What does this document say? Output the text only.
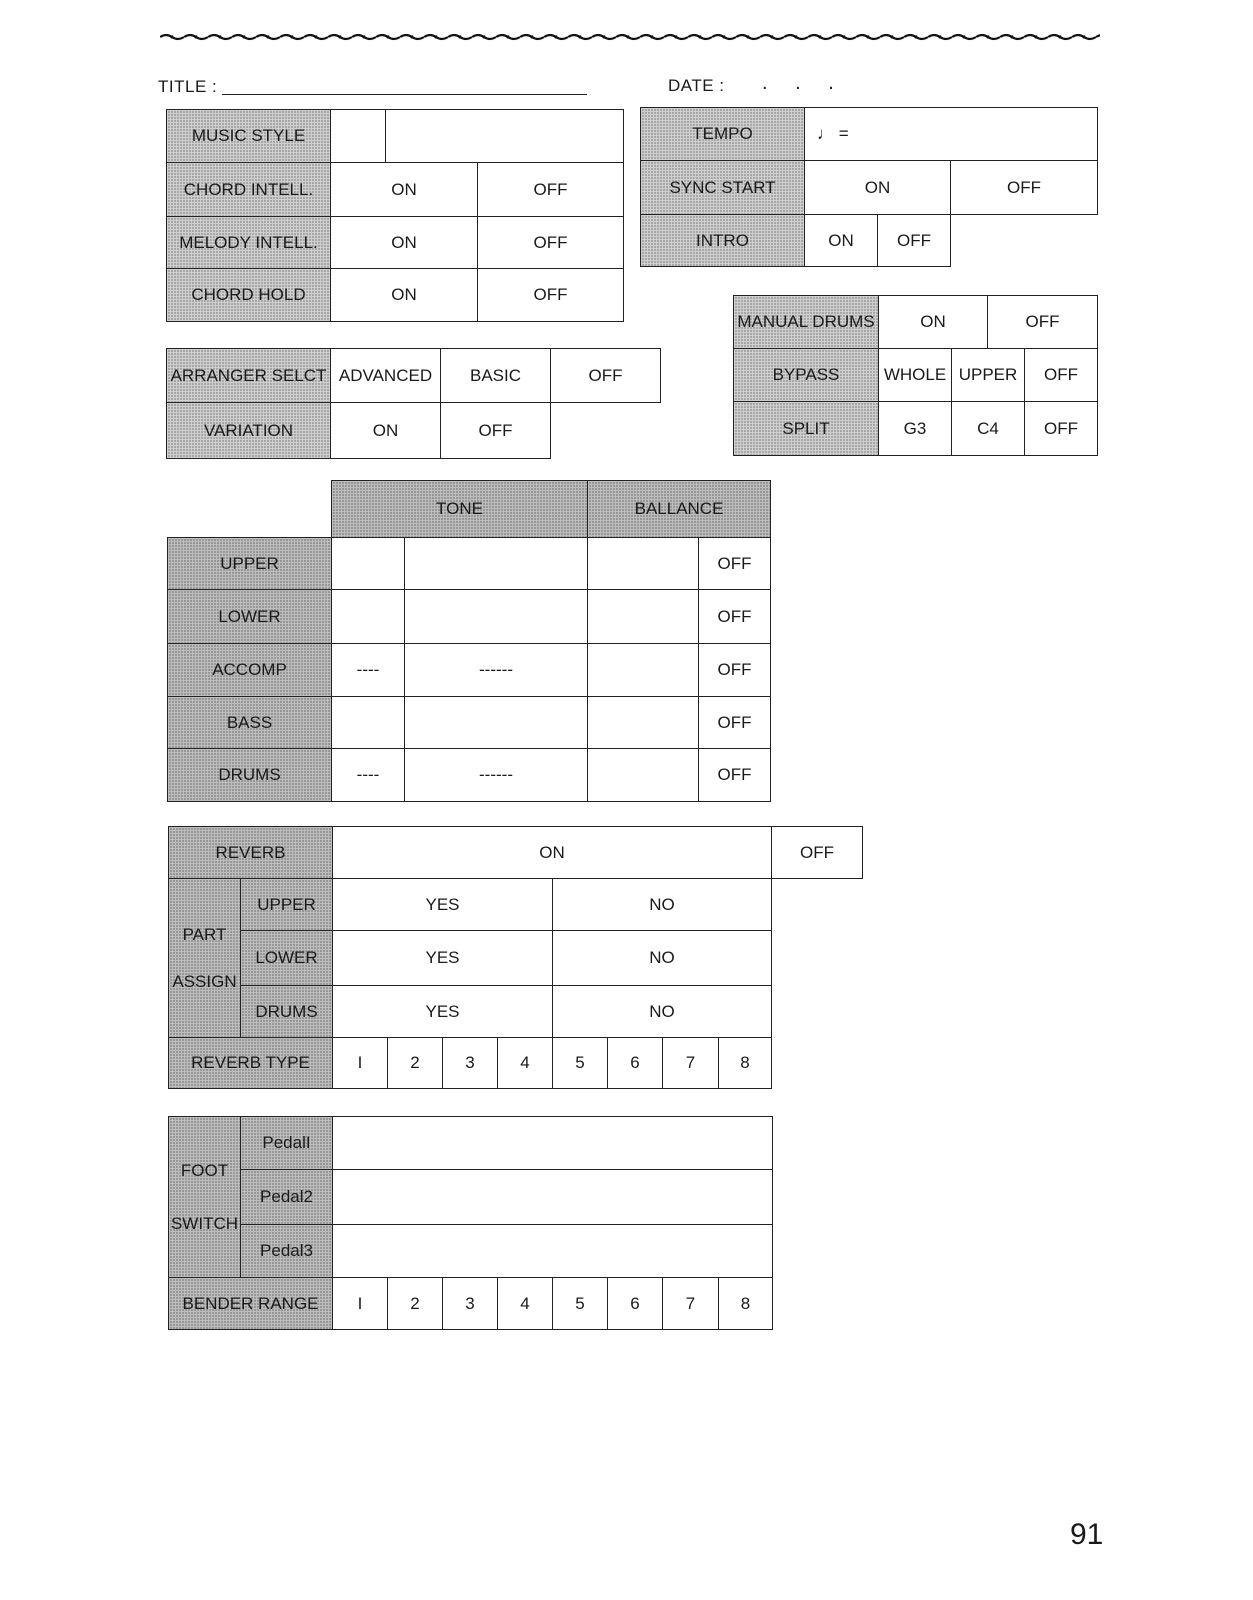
TITLE :	DATE : . . .
MUSIC STYLE			
CHORD INTELL.	ON		OFF
MELODY INTELL.	ON		OFF
CHORD HOLD	ON		OFF
TEMPO	♩ =		
SYNC START	ON		OFF
INTRO	ON	OFF	
ARRANGER SELCT	ADVANCED	BASIC	OFF
VARIATION	ON	OFF	
MANUAL DRUMS	ON		OFF	
BYPASS	WHOLE	UPPER		OFF
SPLIT	G3	C4		OFF
	TONE		BALLANCE	
UPPER				OFF
LOWER				OFF
ACCOMP	----	------		OFF
BASS				OFF
DRUMS	----	------		OFF
REVERB		ON								OFF

PART
ASSIGN	UPPER	YES				NO				
	LOWER	YES				NO				
	DRUMS	YES				NO				
REVERB TYPE		I	2	3	4	5	6	7	8	
FOOT
SWITCH	PedalI								
	Pedal2								
	Pedal3								
BENDER RANGE		I	2	3	4	5	6	7	8
91
